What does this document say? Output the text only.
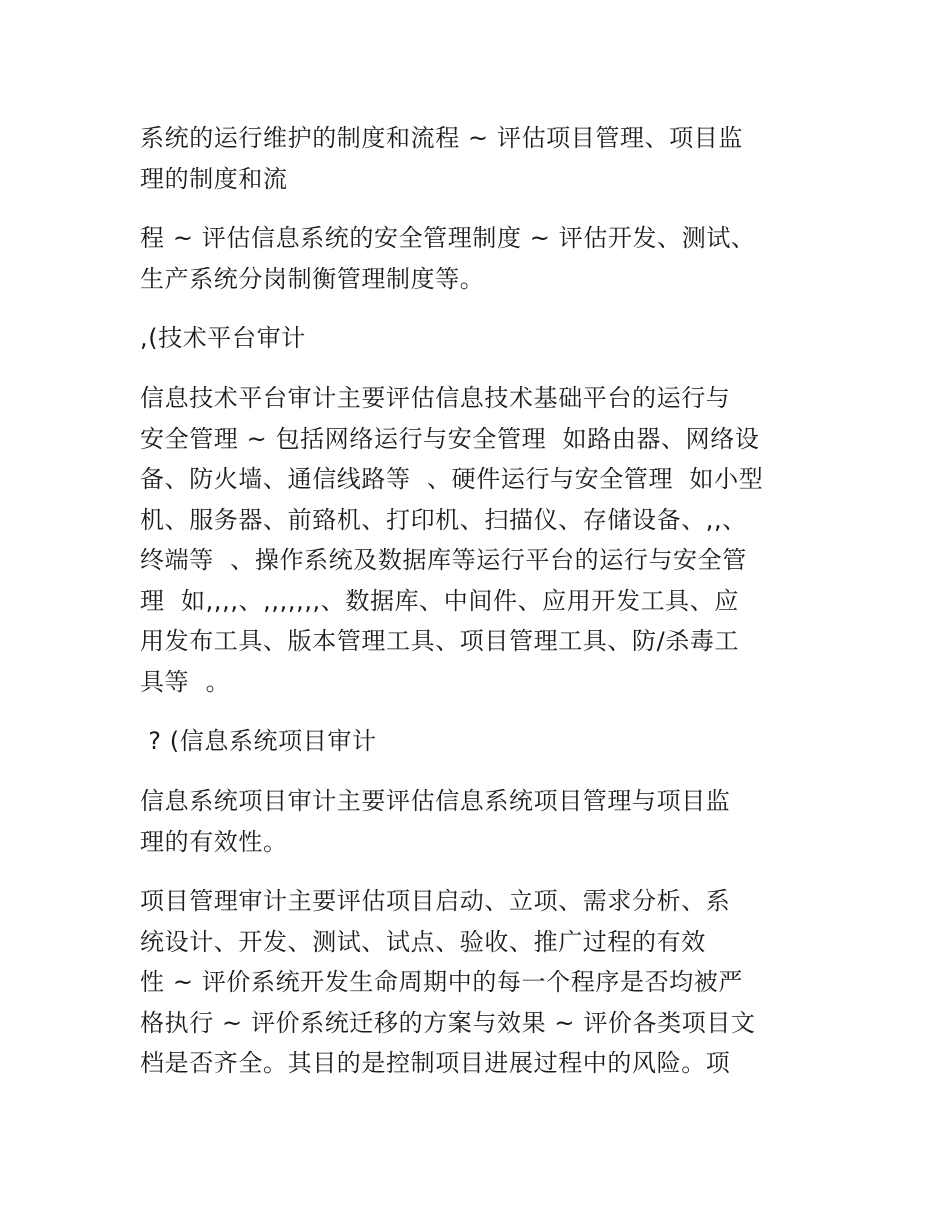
系统的运行维护的制度和流程 ~ 评估项目管理、项目监
理的制度和流
程 ~ 评估信息系统的安全管理制度 ~ 评估开发、测试、
生产系统分岗制衡管理制度等。
,(技术平台审计
信息技术平台审计主要评估信息技术基础平台的运行与
安全管理 ~ 包括网络运行与安全管理  如路由器、网络设
备、防火墙、通信线路等  、硬件运行与安全管理  如小型
机、服务器、前臵机、打印机、扫描仪、存储设备、,,、
终端等  、操作系统及数据库等运行平台的运行与安全管
理  如,,,,、,,,,,,,、数据库、中间件、应用开发工具、应
用发布工具、版本管理工具、项目管理工具、防/杀毒工
具等  。
? (信息系统项目审计
信息系统项目审计主要评估信息系统项目管理与项目监
理的有效性。
项目管理审计主要评估项目启动、立项、需求分析、系
统设计、开发、测试、试点、验收、推广过程的有效
性 ~ 评价系统开发生命周期中的每一个程序是否均被严
格执行 ~ 评价系统迁移的方案与效果 ~ 评价各类项目文
档是否齐全。其目的是控制项目进展过程中的风险。项
